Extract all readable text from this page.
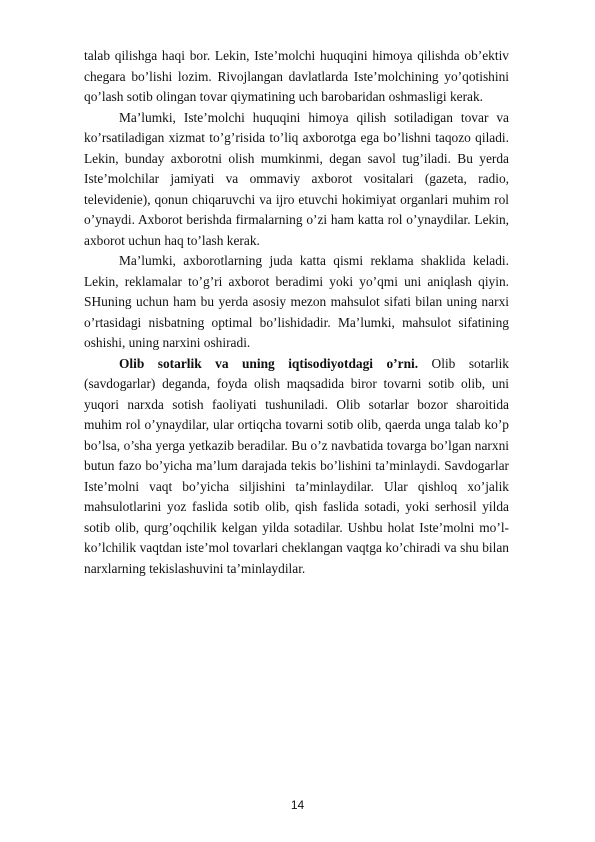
talab qilishga haqi bor. Lekin, Iste’molchi huquqini himoya qilishda ob’ektiv chegara bo’lishi lozim. Rivojlangan davlatlarda Iste’molchining yo’qotishini qo’lash sotib olingan tovar qiymatining uch barobaridan oshmasligi kerak.

Ma’lumki, Iste’molchi huquqini himoya qilish sotiladigan tovar va ko’rsatiladigan xizmat to’g’risida to’liq axborotga ega bo’lishni taqozo qiladi. Lekin, bunday axborotni olish mumkinmi, degan savol tug’iladi. Bu yerda Iste’molchilar jamiyati va ommaviy axborot vositalari (gazeta, radio, televidenie), qonun chiqaruvchi va ijro etuvchi hokimiyat organlari muhim rol o’ynaydi. Axborot berishda firmalarning o’zi ham katta rol o’ynaydilar. Lekin, axborot uchun haq to’lash kerak.

Ma’lumki, axborotlarning juda katta qismi reklama shaklida keladi. Lekin, reklamalar to’g’ri axborot beradimi yoki yo’qmi uni aniqlash qiyin. SHuning uchun ham bu yerda asosiy mezon mahsulot sifati bilan uning narxi o’rtasidagi nisbatning optimal bo’lishidadir. Ma’lumki, mahsulot sifatining oshishi, uning narxini oshiradi.

Olib sotarlik va uning iqtisodiyotdagi o’rni. Olib sotarlik (savdogarlar) deganda, foyda olish maqsadida biror tovarni sotib olib, uni yuqori narxda sotish faoliyati tushuniladi. Olib sotarlar bozor sharoitida muhim rol o’ynaydilar, ular ortiqcha tovarni sotib olib, qaerda unga talab ko’p bo’lsa, o’sha yerga yetkazib beradilar. Bu o’z navbatida tovarga bo’lgan narxni butun fazo bo’yicha ma’lum darajada tekis bo’lishini ta’minlaydi. Savdogarlar Iste’molni vaqt bo’yicha siljishini ta’minlaydilar. Ular qishloq xo’jalik mahsulotlarini yoz faslida sotib olib, qish faslida sotadi, yoki serhosil yilda sotib olib, qurg’oqchilik kelgan yilda sotadilar. Ushbu holat Iste’molni mo’l-ko’lchilik vaqtdan iste’mol tovarlari cheklangan vaqtga ko’chiradi va shu bilan narxlarning tekislashuvini ta’minlaydilar.

14
